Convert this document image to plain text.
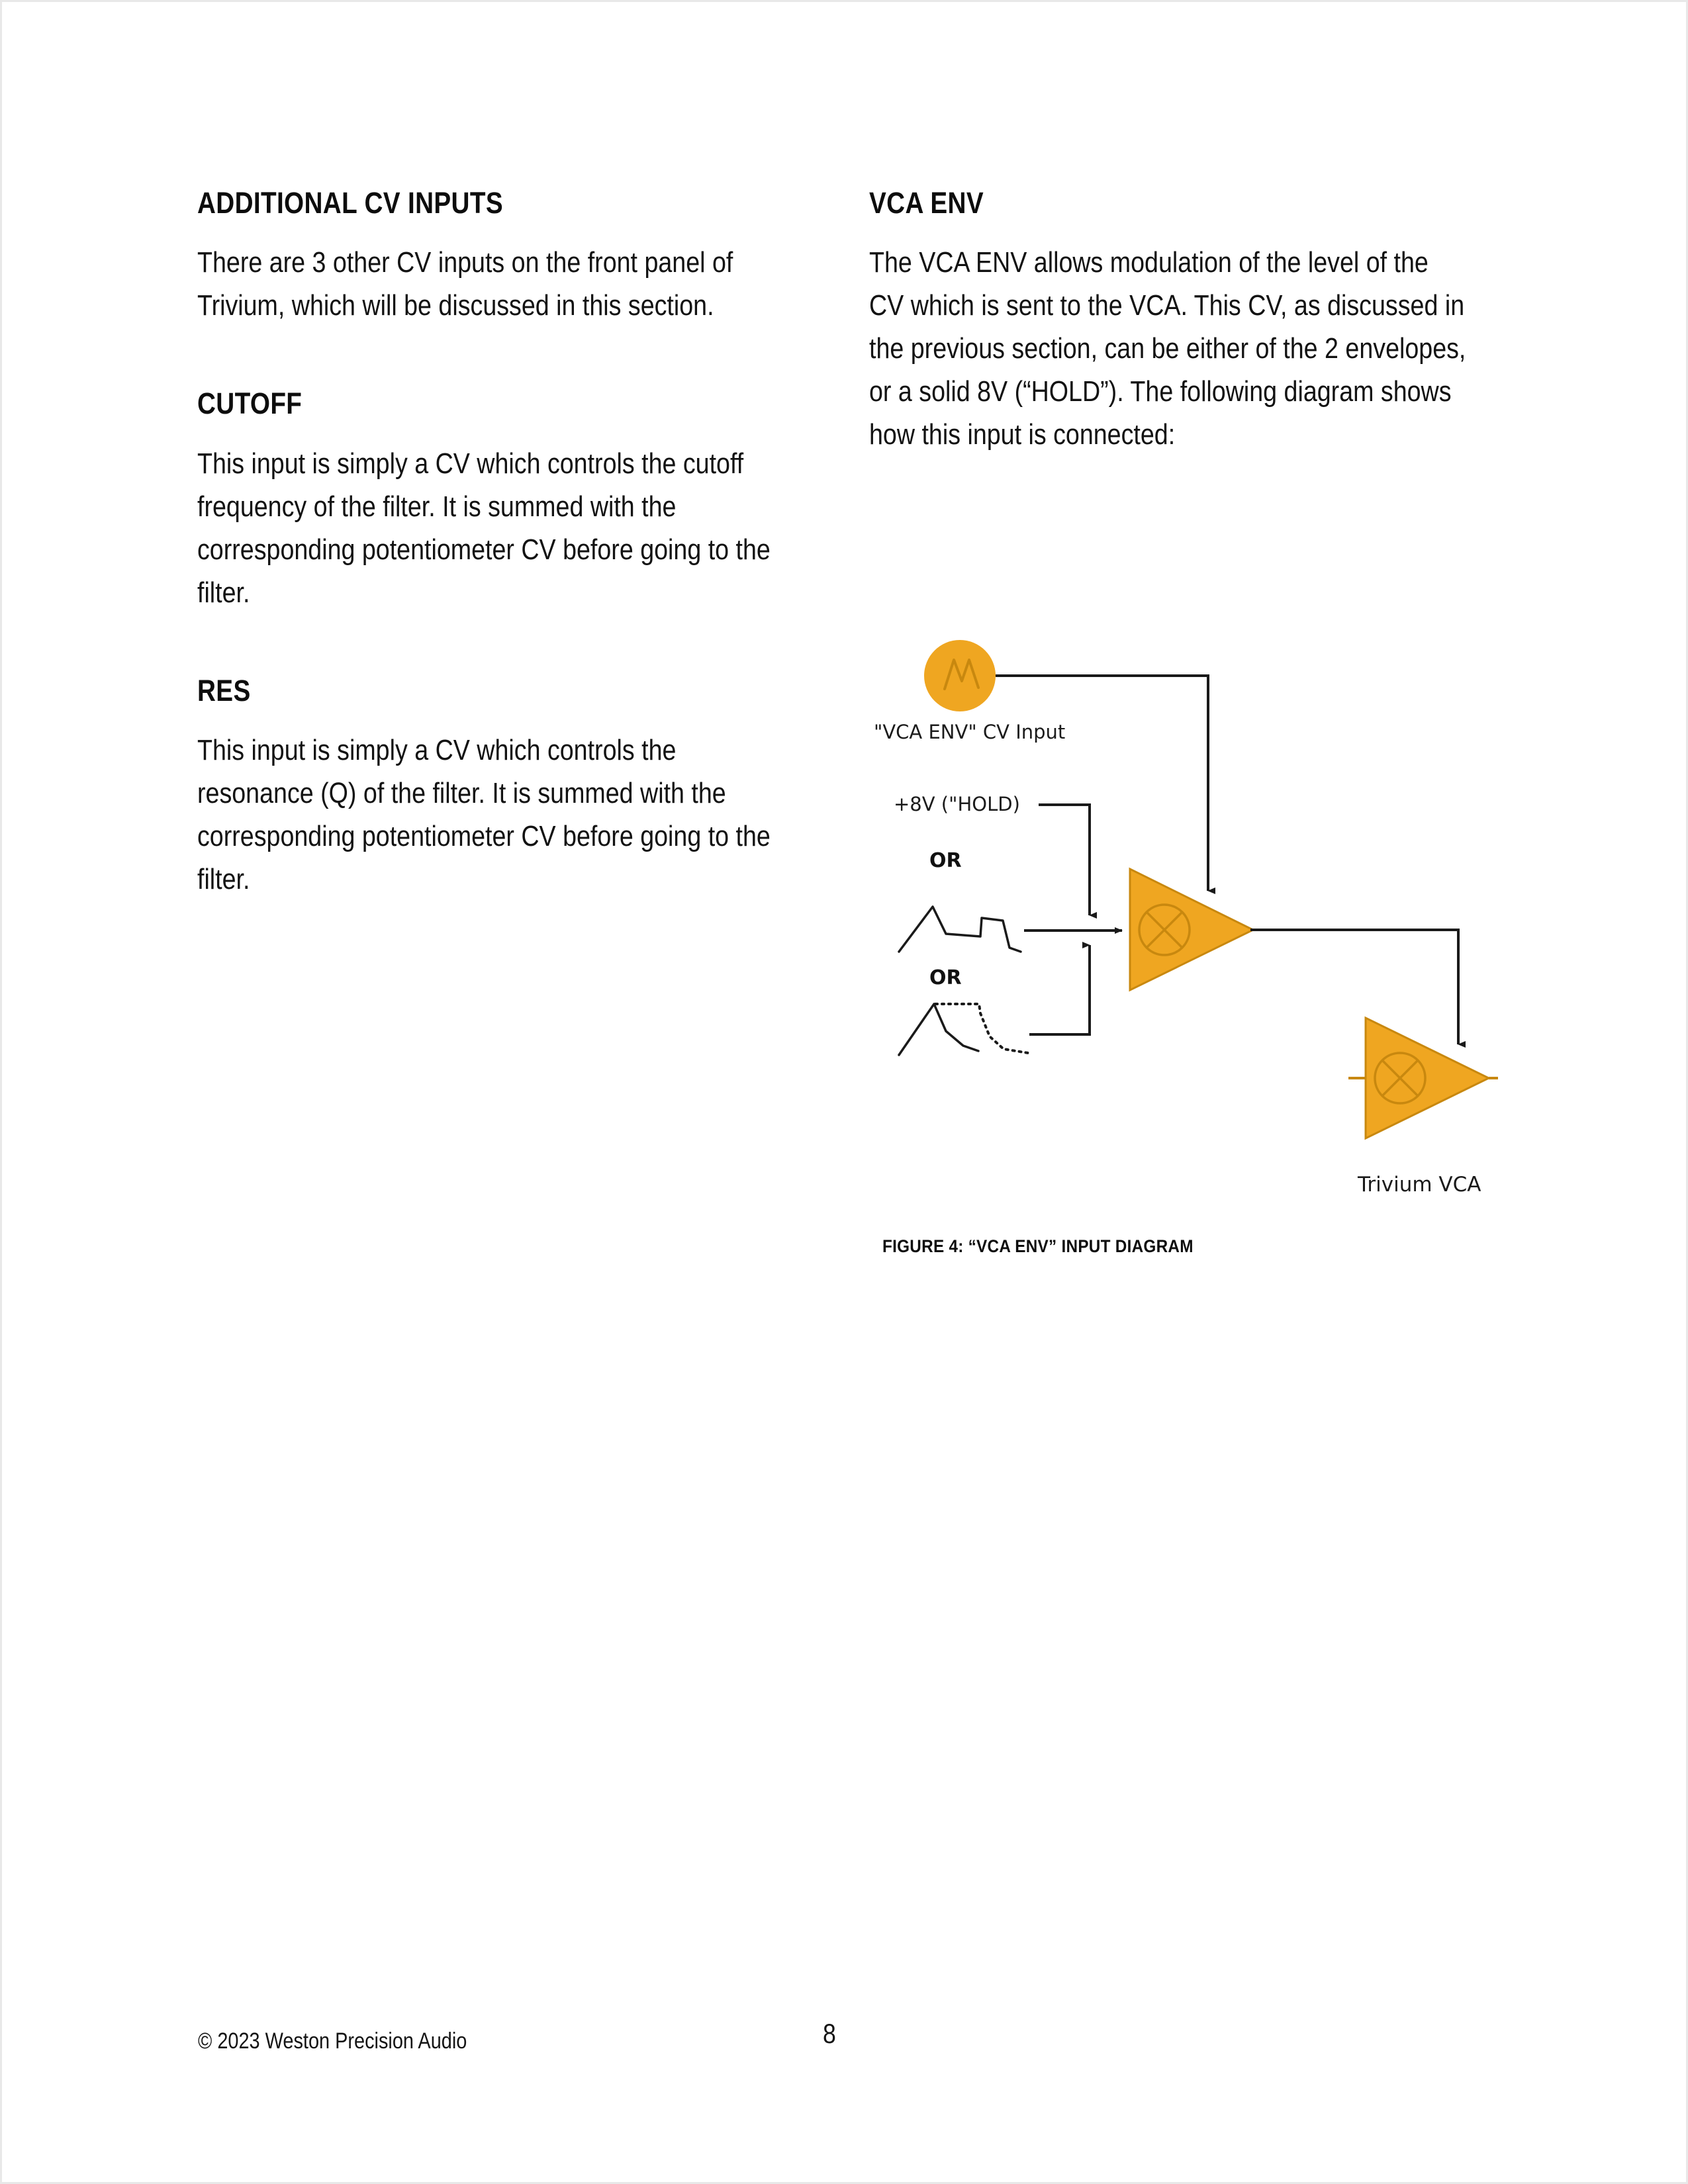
ADDITIONAL CV INPUTS

There are 3 other CV inputs on the front panel of Trivium, which will be discussed in this section.

CUTOFF

This input is simply a CV which controls the cutoff frequency of the filter. It is summed with the corresponding potentiometer CV before going to the filter.

RES

This input is simply a CV which controls the resonance (Q) of the filter. It is summed with the corresponding potentiometer CV before going to the filter.

VCA ENV

The VCA ENV allows modulation of the level of the CV which is sent to the VCA. This CV, as discussed in the previous section, can be either of the 2 envelopes, or a solid 8V (“HOLD”). The following diagram shows how this input is connected:

"VCA ENV" CV Input
+8V ("HOLD)
OR
OR
Trivium VCA
FIGURE 4: “VCA ENV” INPUT DIAGRAM
© 2023 Weston Precision Audio	8
